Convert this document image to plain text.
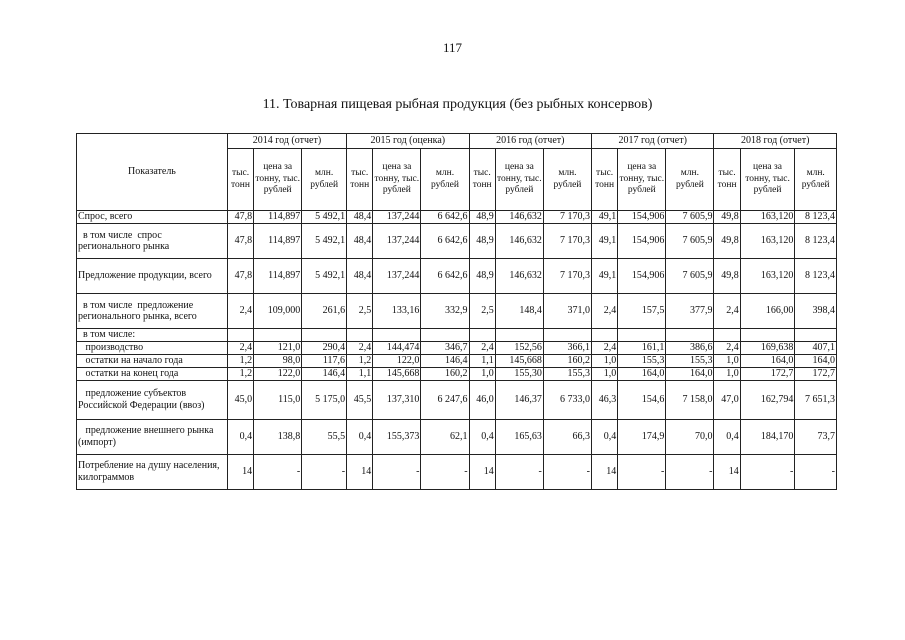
117
11. Товарная пищевая рыбная продукция (без рыбных консервов)
Показатель	2014 год (отчет)			2015 год (оценка)			2016 год (отчет)			2017 год (отчет)			2018 год (отчет)		
	тыс. тонн	цена за тонну, тыс. рублей	млн. рублей	тыс. тонн	цена за тонну, тыс. рублей	млн. рублей	тыс. тонн	цена за тонну, тыс. рублей	млн. рублей	тыс. тонн	цена за тонну, тыс. рублей	млн. рублей	тыс. тонн	цена за тонну, тыс. рублей	млн. рублей
Спрос, всего	47,8	114,897	5 492,1	48,4	137,244	6 642,6	48,9	146,632	7 170,3	49,1	154,906	7 605,9	49,8	163,120	8 123,4
в том числе  спрос регионального рынка	47,8	114,897	5 492,1	48,4	137,244	6 642,6	48,9	146,632	7 170,3	49,1	154,906	7 605,9	49,8	163,120	8 123,4
Предложение продукции, всего	47,8	114,897	5 492,1	48,4	137,244	6 642,6	48,9	146,632	7 170,3	49,1	154,906	7 605,9	49,8	163,120	8 123,4
в том числе  предложение регионального рынка, всего	2,4	109,000	261,6	2,5	133,16	332,9	2,5	148,4	371,0	2,4	157,5	377,9	2,4	166,00	398,4
в том числе:															
производство	2,4	121,0	290,4	2,4	144,474	346,7	2,4	152,56	366,1	2,4	161,1	386,6	2,4	169,638	407,1
остатки на начало года	1,2	98,0	117,6	1,2	122,0	146,4	1,1	145,668	160,2	1,0	155,3	155,3	1,0	164,0	164,0
остатки на конец года	1,2	122,0	146,4	1,1	145,668	160,2	1,0	155,30	155,3	1,0	164,0	164,0	1,0	172,7	172,7
предложение субъектов Российской Федерации (ввоз)	45,0	115,0	5 175,0	45,5	137,310	6 247,6	46,0	146,37	6 733,0	46,3	154,6	7 158,0	47,0	162,794	7 651,3
предложение внешнего рынка (импорт)	0,4	138,8	55,5	0,4	155,373	62,1	0,4	165,63	66,3	0,4	174,9	70,0	0,4	184,170	73,7
Потребление на душу населения, килограммов	14	-	-	14	-	-	14	-	-	14	-	-	14	-	-
